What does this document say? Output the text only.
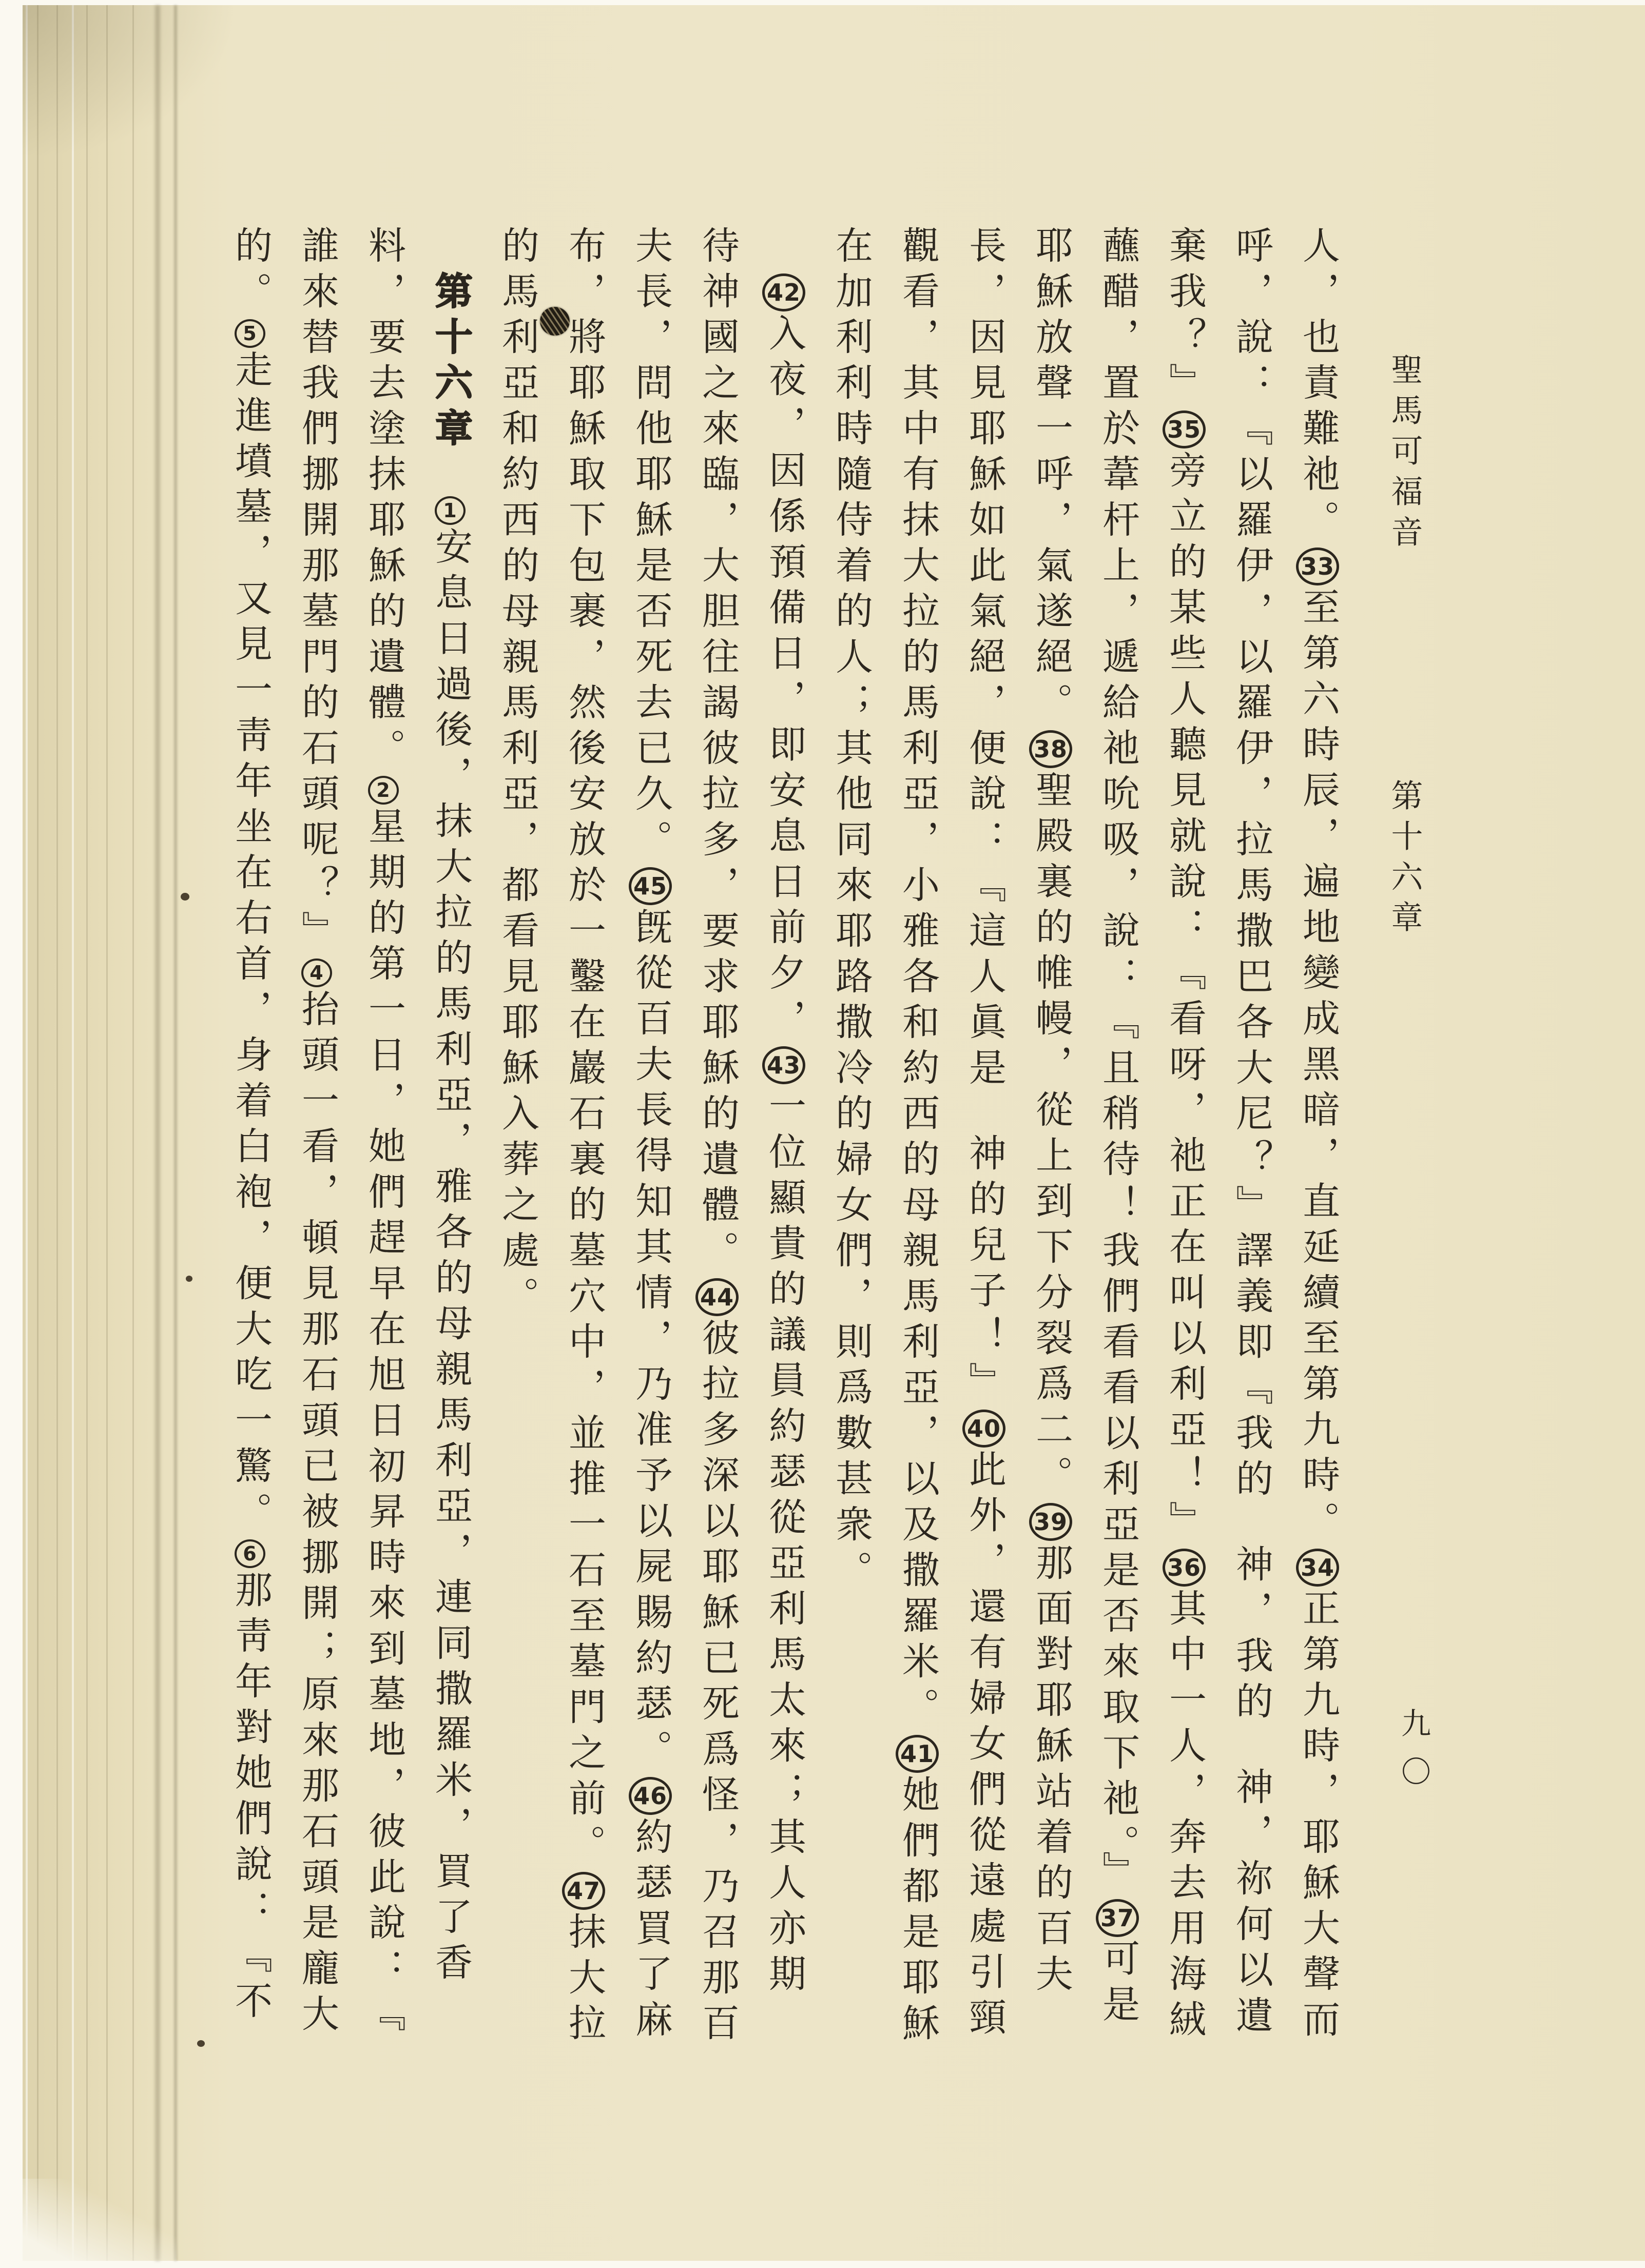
聖馬可福音
第十六章
九〇
人，也責難祂。33至第六時辰，遍地變成黑暗，直延續至第九時。34正第九時，耶穌大聲而
呼，說：『以羅伊，以羅伊，拉馬撒巴各大尼？』譯義即『我的神，我的神，祢何以遺
棄我？』35旁立的某些人聽見就說：『看呀，祂正在叫以利亞！』36其中一人，奔去用海絨
蘸醋，置於葦杆上，遞給祂吮吸，說：『且稍待！我們看看以利亞是否來取下祂。』37可是
耶穌放聲一呼，氣遂絕。38聖殿裏的帷幔，從上到下分裂爲二。39那面對耶穌站着的百夫
長，因見耶穌如此氣絕，便說：『這人眞是神的兒子！』40此外，還有婦女們從遠處引頸
觀看，其中有抹大拉的馬利亞，小雅各和約西的母親馬利亞，以及撒羅米。41她們都是耶穌
在加利利時隨侍着的人；其他同來耶路撒冷的婦女們，則爲數甚衆。
42入夜，因係預備日，即安息日前夕，43一位顯貴的議員約瑟從亞利馬太來；其人亦期
待神國之來臨，大胆往謁彼拉多，要求耶穌的遺體。44彼拉多深以耶穌已死爲怪，乃召那百
夫長，問他耶穌是否死去已久。45旣從百夫長得知其情，乃准予以屍賜約瑟。46約瑟買了麻
布，將耶穌取下包裹，然後安放於一鑿在巖石裏的墓穴中，並推一石至墓門之前。47抹大拉
的馬利亞和約西的母親馬利亞，都看見耶穌入葬之處。
第十六章1安息日過後，抹大拉的馬利亞，雅各的母親馬利亞，連同撒羅米，買了香
料，要去塗抹耶穌的遺體。2星期的第一日，她們趕早在旭日初昇時來到墓地，彼此說：『
誰來替我們挪開那墓門的石頭呢？』4抬頭一看，頓見那石頭已被挪開；原來那石頭是龐大
的。5走進墳墓，又見一靑年坐在右首，身着白袍，便大吃一驚。6那靑年對她們說：『不
